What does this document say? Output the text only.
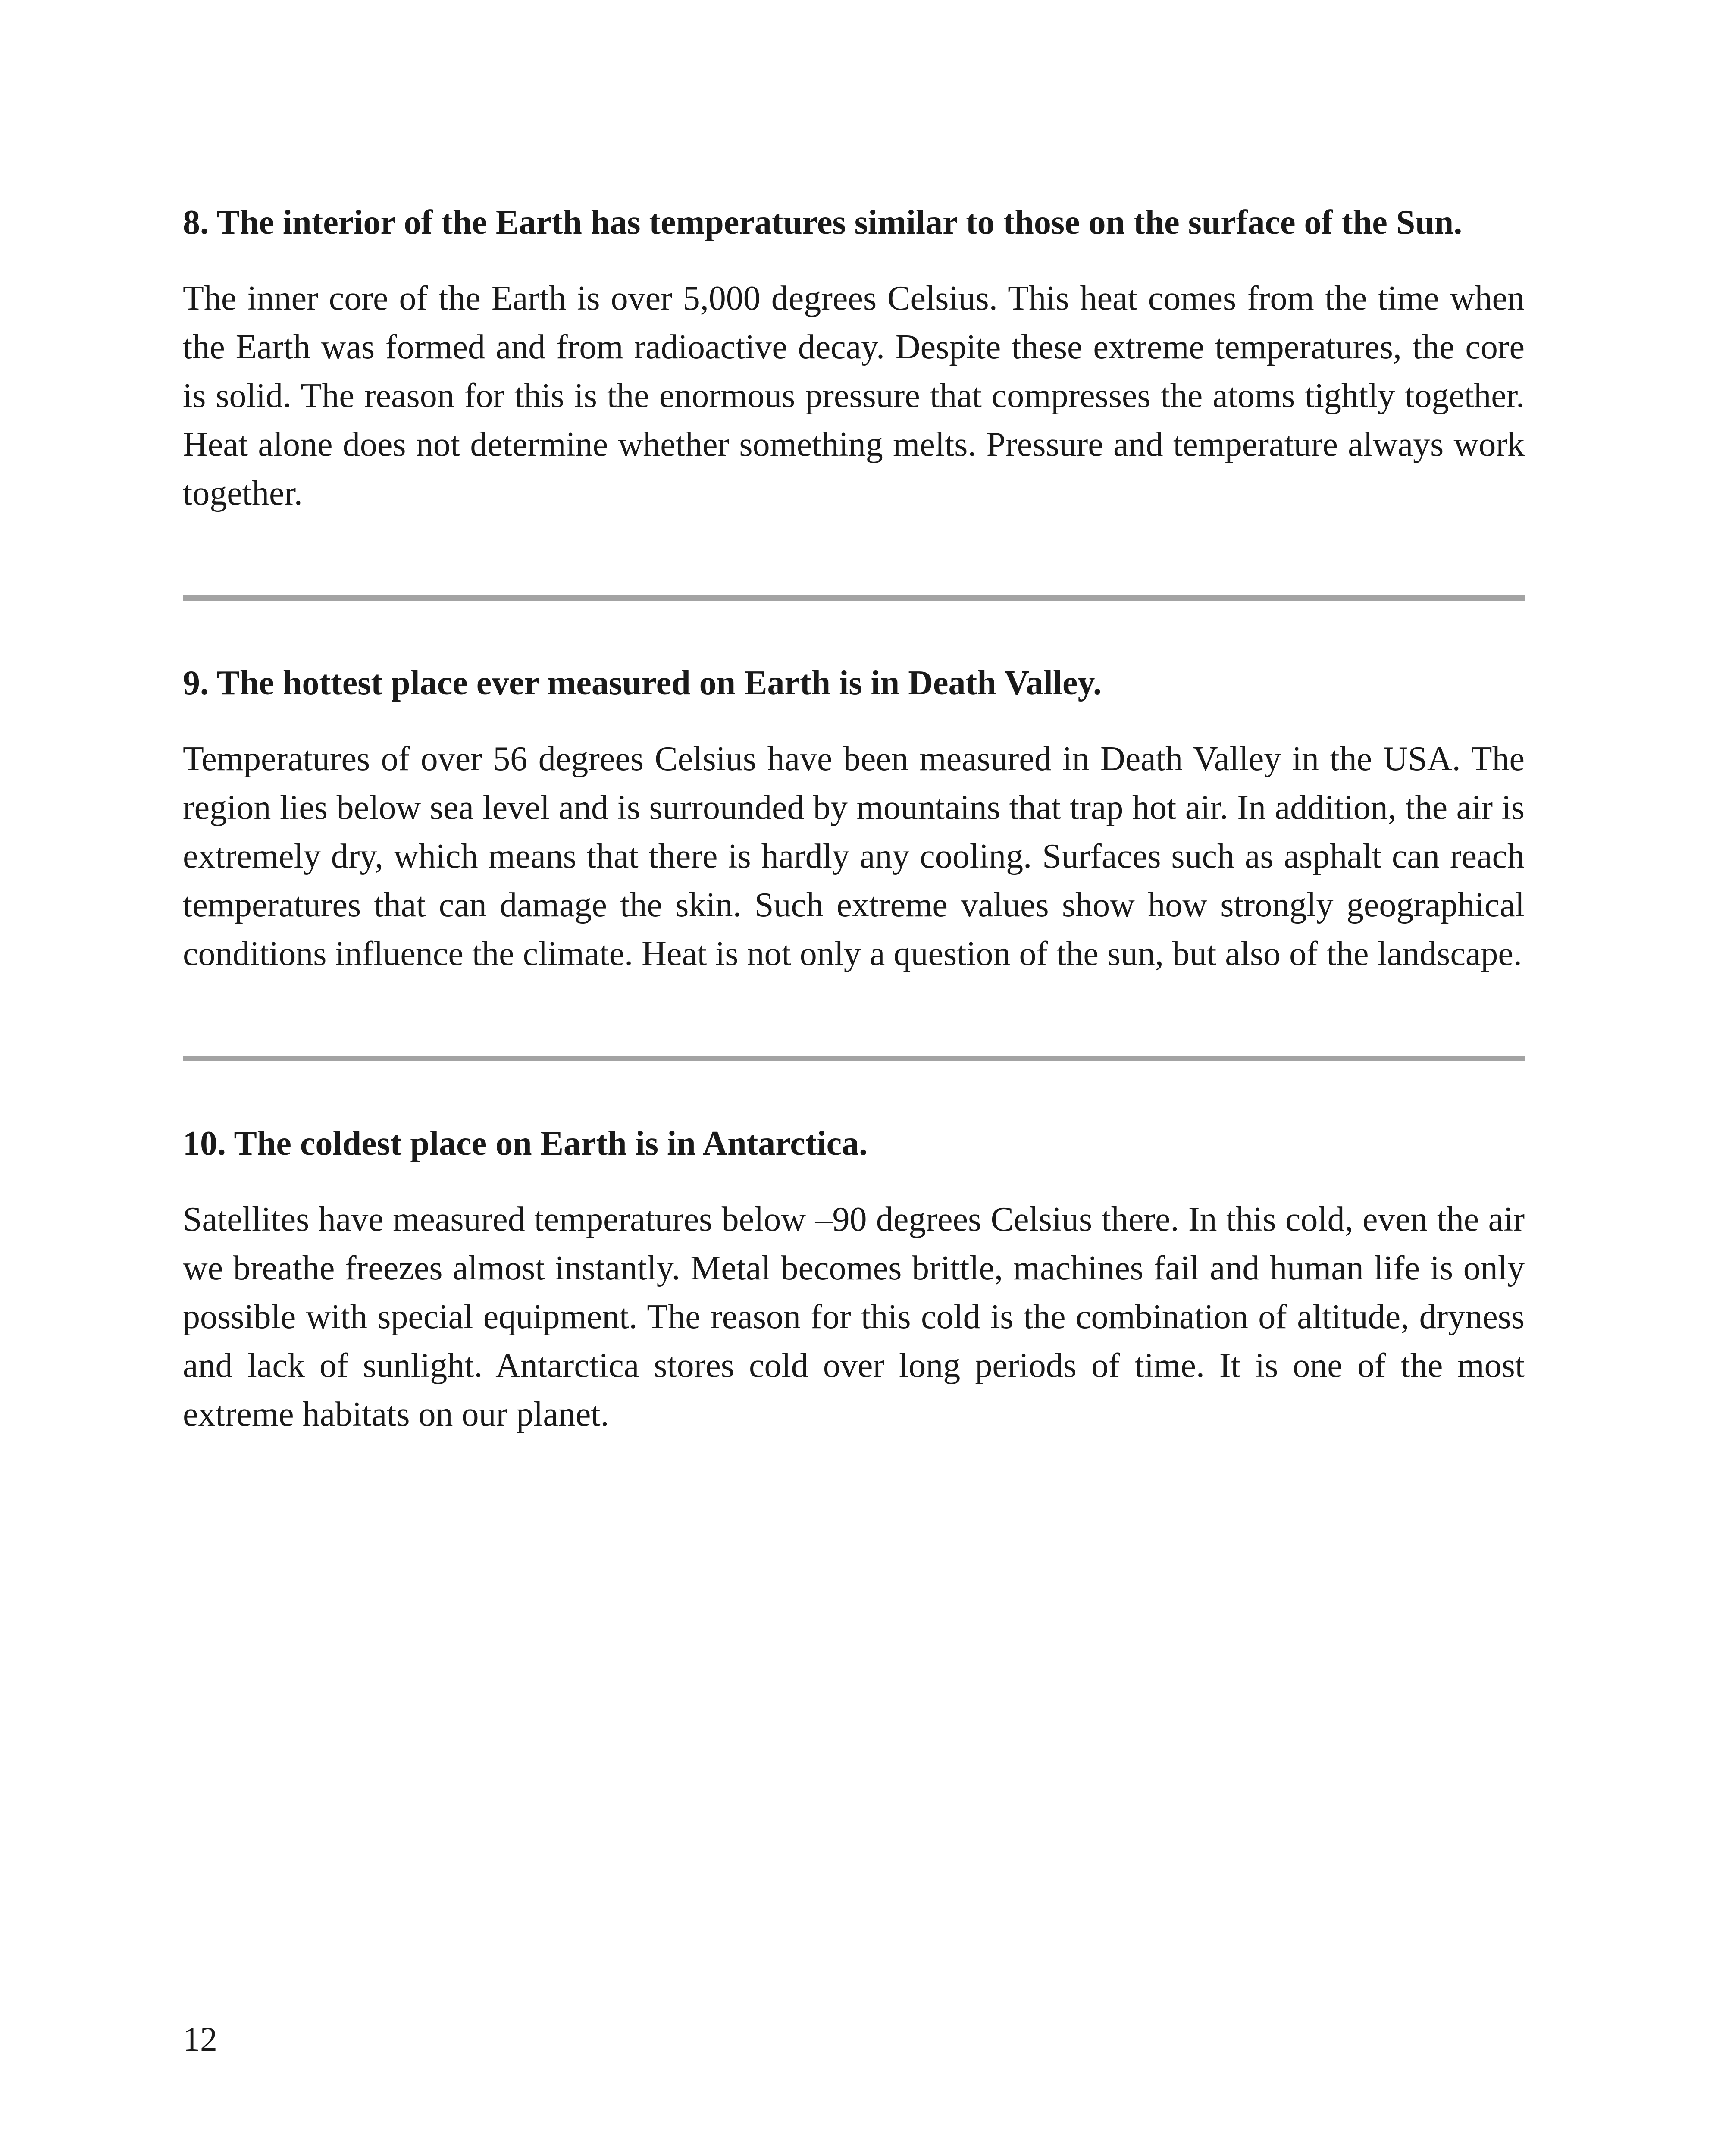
8. The interior of the Earth has temperatures similar to those on the surface of the Sun.

The inner core of the Earth is over 5,000 degrees Celsius. This heat comes from the time when the Earth was formed and from radioactive decay. Despite these extreme temperatures, the core is solid. The reason for this is the enormous pressure that compresses the atoms tightly together. Heat alone does not determine whether something melts. Pressure and temperature always work together.

9. The hottest place ever measured on Earth is in Death Valley.

Temperatures of over 56 degrees Celsius have been measured in Death Valley in the USA. The region lies below sea level and is surrounded by mountains that trap hot air. In addition, the air is extremely dry, which means that there is hardly any cooling. Surfaces such as asphalt can reach temperatures that can damage the skin. Such extreme values show how strongly geographical conditions influence the climate. Heat is not only a question of the sun, but also of the landscape.

10. The coldest place on Earth is in Antarctica.

Satellites have measured temperatures below –90 degrees Celsius there. In this cold, even the air we breathe freezes almost instantly. Metal becomes brittle, machines fail and human life is only possible with special equipment. The reason for this cold is the combination of altitude, dryness and lack of sunlight. Antarctica stores cold over long periods of time. It is one of the most extreme habitats on our planet.

12
